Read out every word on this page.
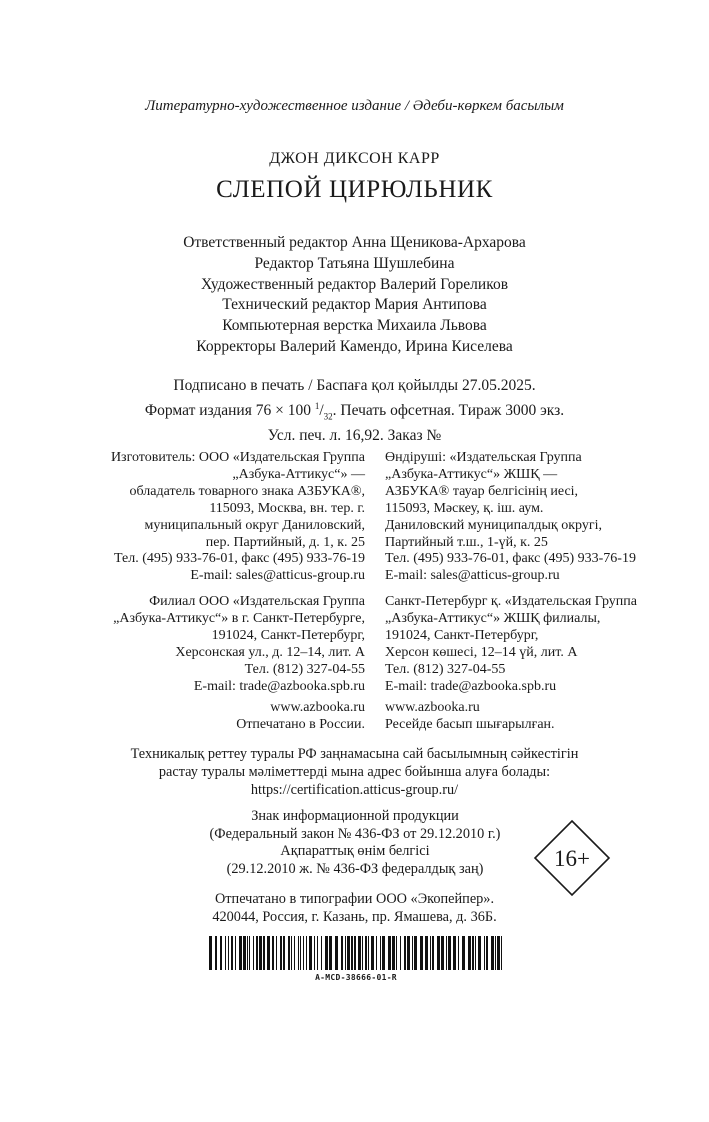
Литературно-художественное издание / Әдеби-көркем басылым
ДЖОН ДИКСОН КАРР
СЛЕПОЙ ЦИРЮЛЬНИК
Ответственный редактор Анна Щеникова-Архарова
Редактор Татьяна Шушлебина
Художественный редактор Валерий Гореликов
Технический редактор Мария Антипова
Компьютерная верстка Михаила Львова
Корректоры Валерий Камендо, Ирина Киселева
Подписано в печать / Баспаға қол қойылды 27.05.2025.
Формат издания 76 × 100 $^1/_{32}$. Печать офсетная. Тираж 3000 экз.
Усл. печ. л. 16,92. Заказ №
Изготовитель: ООО «Издательская Группа
„Азбука-Аттикус“» —
обладатель товарного знака АЗБУКА®,
115093, Москва, вн. тер. г.
муниципальный округ Даниловский,
пер. Партийный, д. 1, к. 25
Тел. (495) 933-76-01, факс (495) 933-76-19
E-mail: sales@atticus-group.ru
Өндіруші: «Издательская Группа
„Азбука-Аттикус“» ЖШҚ —
АЗБУКА® тауар белгісінің иесі,
115093, Мәскеу, қ. іш. аум.
Даниловский муниципалдық округі,
Партийный т.ш., 1-үй, к. 25
Тел. (495) 933-76-01, факс (495) 933-76-19
E-mail: sales@atticus-group.ru
Филиал ООО «Издательская Группа
„Азбука-Аттикус“» в г. Санкт-Петербурге,
191024, Санкт-Петербург,
Херсонская ул., д. 12–14, лит. А
Тел. (812) 327-04-55
E-mail: trade@azbooka.spb.ru
Санкт-Петербург қ. «Издательская Группа
„Азбука-Аттикус“» ЖШҚ филиалы,
191024, Санкт-Петербург,
Херсон көшесі, 12–14 үй, лит. А
Тел. (812) 327-04-55
E-mail: trade@azbooka.spb.ru
www.azbooka.ru
Отпечатано в России.
www.azbooka.ru
Ресейде басып шығарылған.
Техникалық реттеу туралы РФ заңнамасына сай басылымның сәйкестігін
растау туралы мәліметтерді мына адрес бойынша алуға болады:
https://certification.atticus-group.ru/
Знак информационной продукции
(Федеральный закон № 436-ФЗ от 29.12.2010 г.)
Ақпараттық өнім белгісі
(29.12.2010 ж. № 436-ФЗ федералдық заң)	16+
Отпечатано в типографии ООО «Экопейпер».
420044, Россия, г. Казань, пр. Ямашева, д. 36Б.
A-MCD-38666-01-R
